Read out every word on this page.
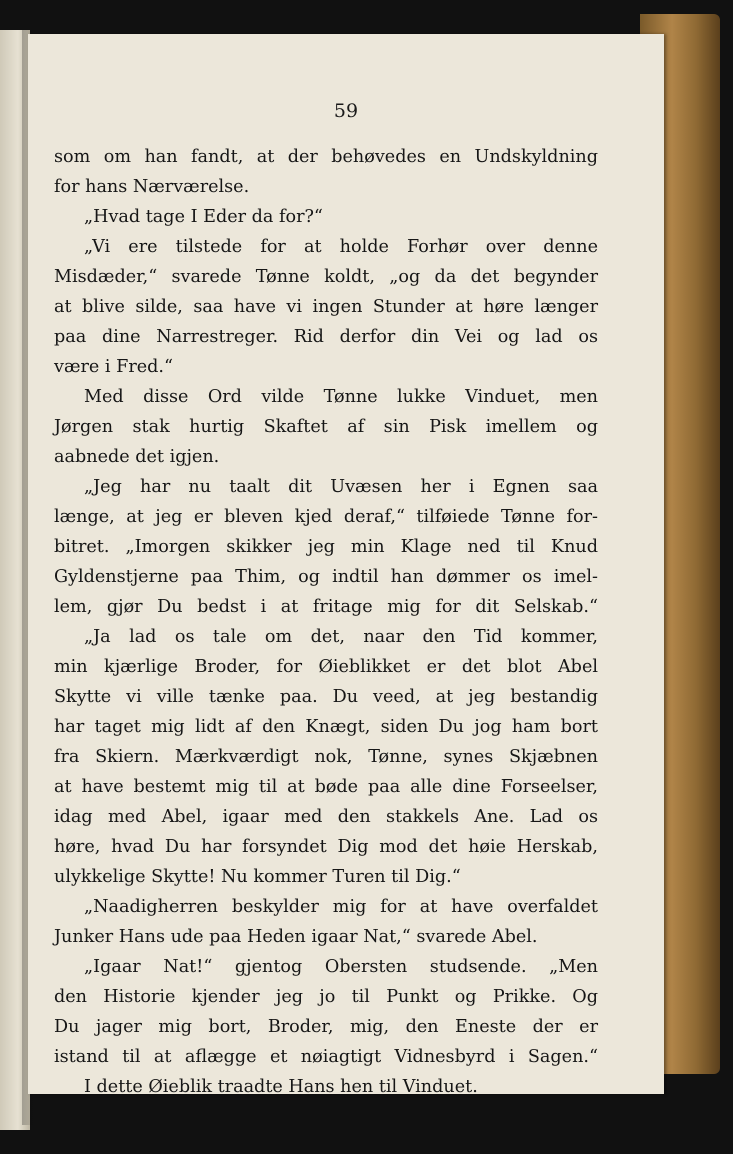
59
som om han fandt, at der behøvedes en Undskyldning
for hans Nærværelse.
„Hvad tage I Eder da for?“
„Vi ere tilstede for at holde Forhør over denne
Misdæder,“ svarede Tønne koldt, „og da det begynder
at blive silde, saa have vi ingen Stunder at høre længer
paa dine Narrestreger. Rid derfor din Vei og lad os
være i Fred.“
Med disse Ord vilde Tønne lukke Vinduet, men
Jørgen stak hurtig Skaftet af sin Pisk imellem og
aabnede det igjen.
„Jeg har nu taalt dit Uvæsen her i Egnen saa
længe, at jeg er bleven kjed deraf,“ tilføiede Tønne for-
bitret. „Imorgen skikker jeg min Klage ned til Knud
Gyldenstjerne paa Thim, og indtil han dømmer os imel-
lem, gjør Du bedst i at fritage mig for dit Selskab.“
„Ja lad os tale om det, naar den Tid kommer,
min kjærlige Broder, for Øieblikket er det blot Abel
Skytte vi ville tænke paa. Du veed, at jeg bestandig
har taget mig lidt af den Knægt, siden Du jog ham bort
fra Skiern. Mærkværdigt nok, Tønne, synes Skjæbnen
at have bestemt mig til at bøde paa alle dine Forseelser,
idag med Abel, igaar med den stakkels Ane. Lad os
høre, hvad Du har forsyndet Dig mod det høie Herskab,
ulykkelige Skytte! Nu kommer Turen til Dig.“
„Naadigherren beskylder mig for at have overfaldet
Junker Hans ude paa Heden igaar Nat,“ svarede Abel.
„Igaar Nat!“ gjentog Obersten studsende. „Men
den Historie kjender jeg jo til Punkt og Prikke. Og
Du jager mig bort, Broder, mig, den Eneste der er
istand til at aflægge et nøiagtigt Vidnesbyrd i Sagen.“
I dette Øieblik traadte Hans hen til Vinduet.
